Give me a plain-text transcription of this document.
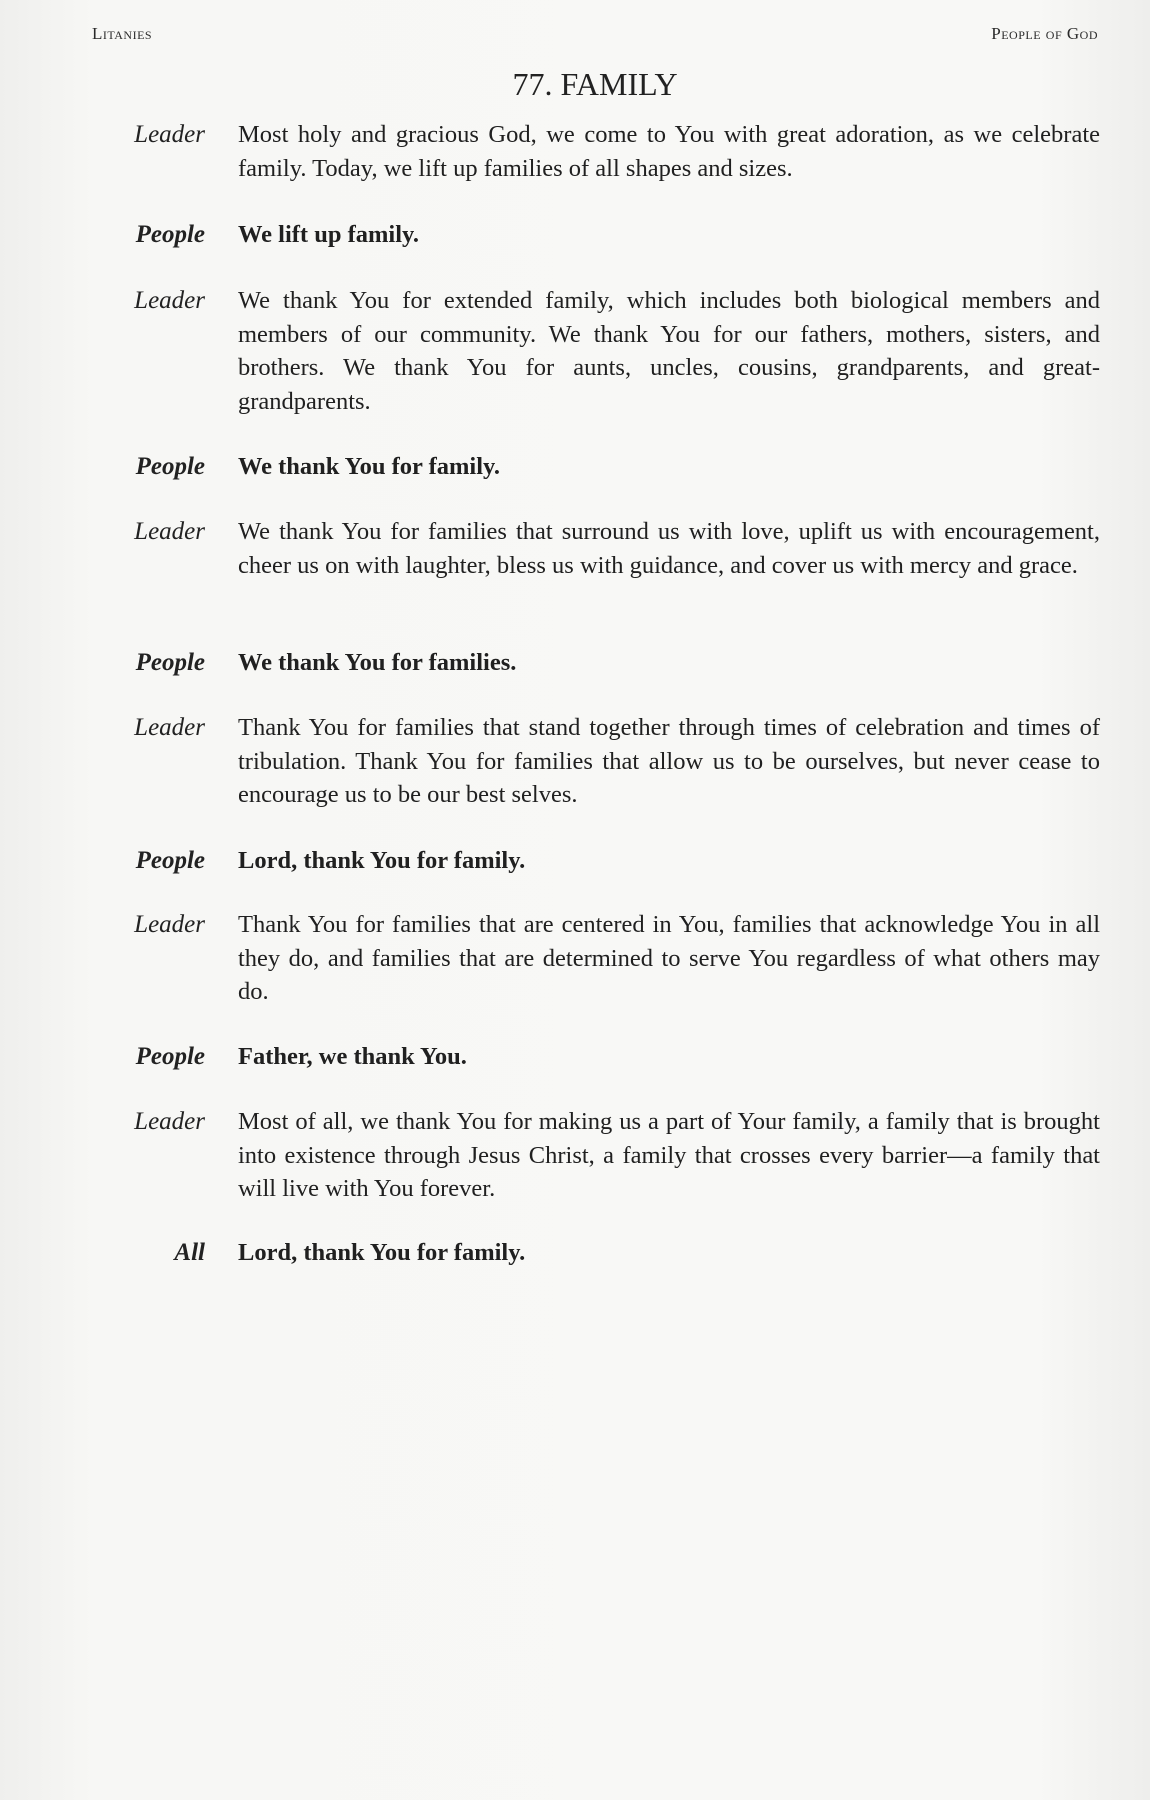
Litanies	People of God
77. FAMILY
Leader Most holy and gracious God, we come to You with great adoration, as we celebrate family. Today, we lift up families of all shapes and sizes.
People We lift up family.
Leader We thank You for extended family, which includes both biological members and members of our community. We thank You for our fathers, mothers, sisters, and brothers. We thank You for aunts, uncles, cousins, grandparents, and great-grandparents.
People We thank You for family.
Leader We thank You for families that surround us with love, uplift us with encouragement, cheer us on with laughter, bless us with guidance, and cover us with mercy and grace.
People We thank You for families.
Leader Thank You for families that stand together through times of celebration and times of tribulation. Thank You for families that allow us to be ourselves, but never cease to encourage us to be our best selves.
People Lord, thank You for family.
Leader Thank You for families that are centered in You, families that acknowledge You in all they do, and families that are determined to serve You regardless of what others may do.
People Father, we thank You.
Leader Most of all, we thank You for making us a part of Your family, a family that is brought into existence through Jesus Christ, a family that crosses every barrier—a family that will live with You forever.
All Lord, thank You for family.
